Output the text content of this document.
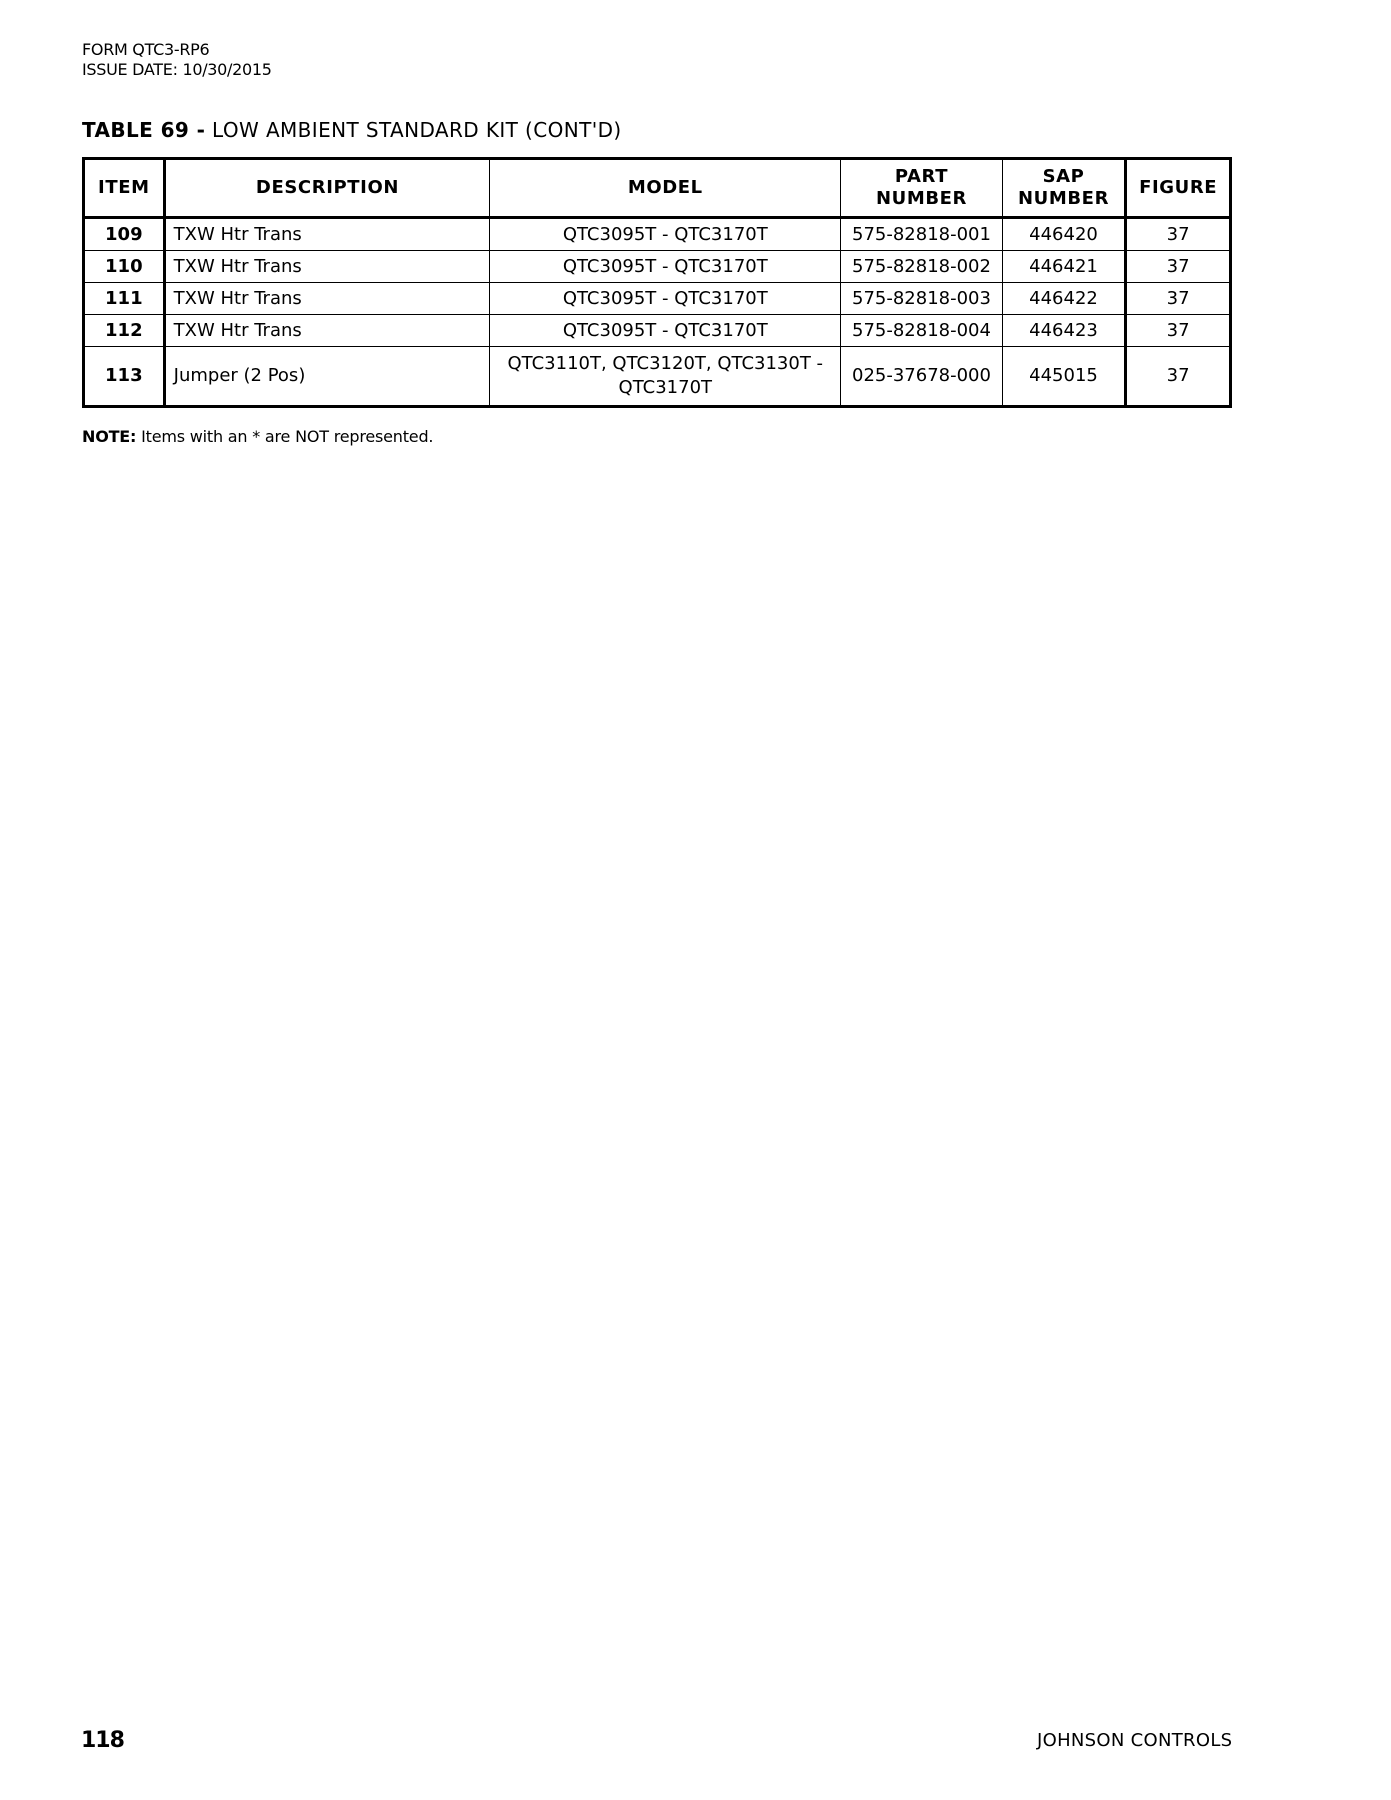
FORM QTC3-RP6
ISSUE DATE: 10/30/2015
TABLE 69 - LOW AMBIENT STANDARD KIT (CONT'D)
ITEM	DESCRIPTION	MODEL	PART NUMBER	SAP NUMBER	FIGURE
109	TXW Htr Trans	QTC3095T - QTC3170T	575-82818-001	446420	37
110	TXW Htr Trans	QTC3095T - QTC3170T	575-82818-002	446421	37
111	TXW Htr Trans	QTC3095T - QTC3170T	575-82818-003	446422	37
112	TXW Htr Trans	QTC3095T - QTC3170T	575-82818-004	446423	37
113	Jumper (2 Pos)	QTC3110T, QTC3120T, QTC3130T - QTC3170T	025-37678-000	445015	37
NOTE: Items with an * are NOT represented.
118	JOHNSON CONTROLS
